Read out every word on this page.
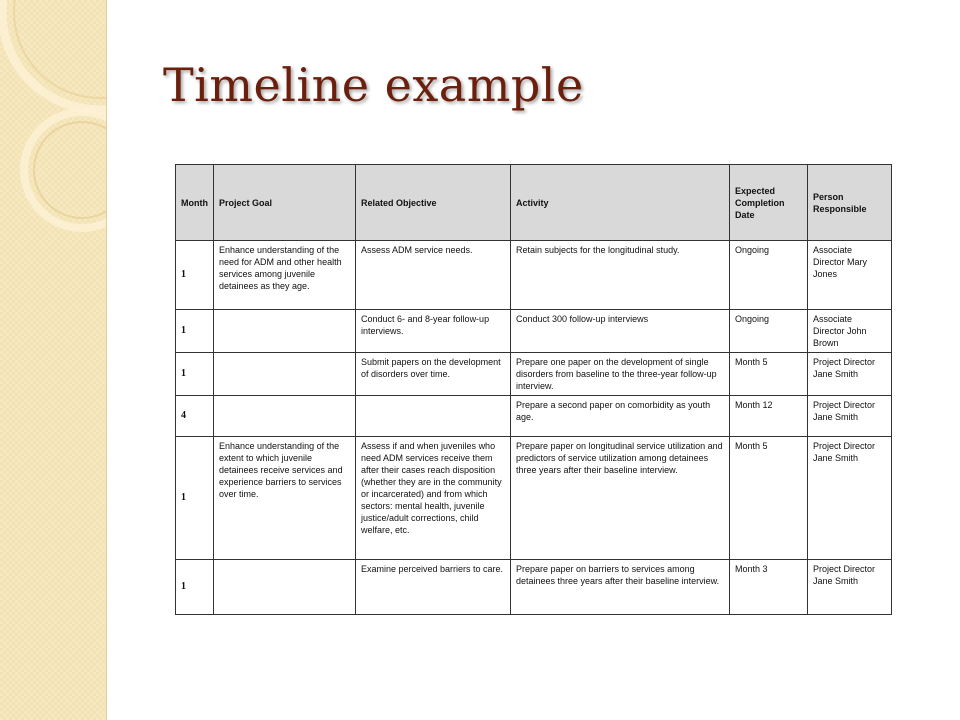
Timeline example
Month	Project Goal	Related Objective	Activity	Expected Completion Date	Person Responsible
1	Enhance understanding of the need for ADM and other health services among juvenile detainees as they age.	Assess ADM service needs.	Retain subjects for the longitudinal study.	Ongoing	Associate Director Mary Jones
1		Conduct 6- and 8-year follow-up interviews.	Conduct 300 follow-up interviews	Ongoing	Associate Director John Brown
1		Submit papers on the development of disorders over time.	Prepare one paper on the development of single disorders from baseline to the three-year follow-up interview.	Month 5	Project Director Jane Smith
4			Prepare a second paper on comorbidity as youth age.	Month 12	Project Director Jane Smith
1	Enhance understanding of the extent to which juvenile detainees receive services and experience barriers to services over time.	Assess if and when juveniles who need ADM services receive them after their cases reach disposition (whether they are in the community or incarcerated) and from which sectors: mental health, juvenile justice/adult corrections, child welfare, etc.	Prepare paper on longitudinal service utilization and predictors of service utilization among detainees three years after their baseline interview.	Month 5	Project Director Jane Smith
1		Examine perceived barriers to care.	Prepare paper on barriers to services among detainees three years after their baseline interview.	Month 3	Project Director Jane Smith
